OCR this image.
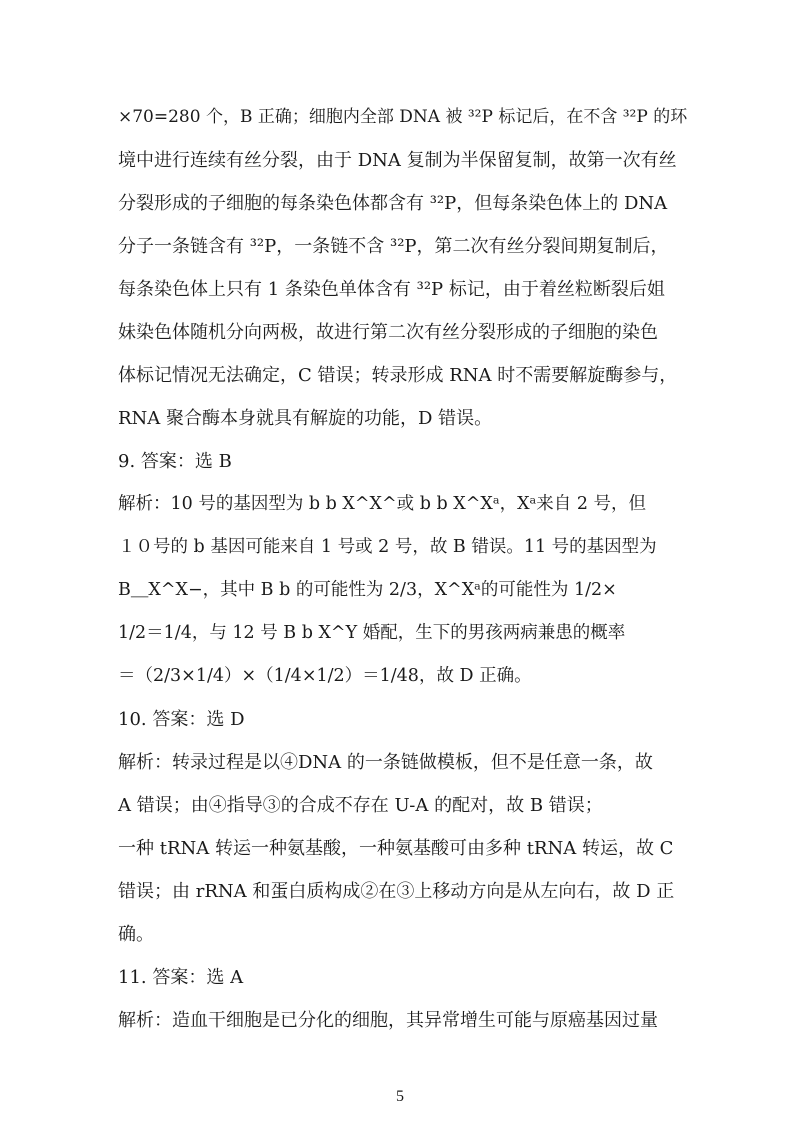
×70=280 个，B 正确；细胞内全部 DNA 被 ³²P 标记后，在不含 ³²P 的环
境中进行连续有丝分裂，由于 DNA 复制为半保留复制，故第一次有丝
分裂形成的子细胞的每条染色体都含有 ³²P，但每条染色体上的 DNA
分子一条链含有 ³²P，一条链不含 ³²P，第二次有丝分裂间期复制后，
每条染色体上只有 1 条染色单体含有 ³²P 标记，由于着丝粒断裂后姐
妹染色体随机分向两极，故进行第二次有丝分裂形成的子细胞的染色
体标记情况无法确定，C 错误；转录形成 RNA 时不需要解旋酶参与，
RNA 聚合酶本身就具有解旋的功能，D 错误。
9. 答案：选 B
解析：10 号的基因型为 b b X^X^或 b b X^Xᵃ，Xᵃ来自 2 号，但
１０号的 b 基因可能来自 1 号或 2 号，故 B 错误。11 号的基因型为
B＿X^X−，其中 B b 的可能性为 2/3，X^Xᵃ的可能性为 1/2×
1/2＝1/4，与 12 号 B b X^Y 婚配，生下的男孩两病兼患的概率
＝（2/3×1/4）×（1/4×1/2）＝1/48，故 D 正确。
10. 答案：选 D
解析：转录过程是以④DNA 的一条链做模板，但不是任意一条，故
A 错误；由④指导③的合成不存在 U-A 的配对，故 B 错误；
一种 tRNA 转运一种氨基酸，一种氨基酸可由多种 tRNA 转运，故 C
错误；由 rRNA 和蛋白质构成②在③上移动方向是从左向右，故 D 正
确。
11. 答案：选 A
解析：造血干细胞是已分化的细胞，其异常增生可能与原癌基因过量
5
